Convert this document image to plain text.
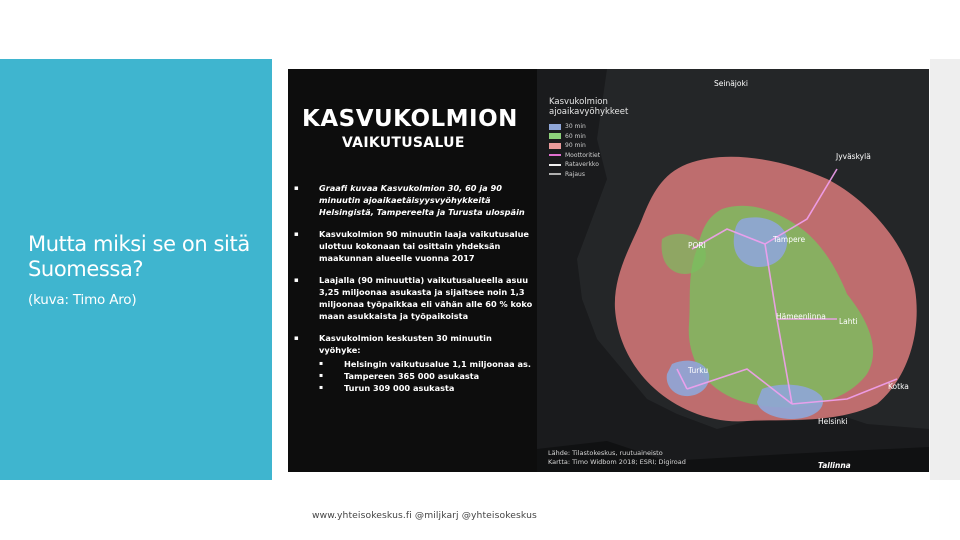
Mutta miksi se on sitä Suomessa?
(kuva: Timo Aro)
KASVUKOLMION
VAIKUTUSALUE
▪	Graafi kuvaa Kasvukolmion 30, 60 ja 90 minuutin ajoaikaetäisyysvyöhykkeitä Helsingistä, Tampereelta ja Turusta ulospäin
▪	Kasvukolmion 90 minuutin laaja vaikutusalue ulottuu kokonaan tai osittain yhdeksän maakunnan alueelle vuonna 2017
▪	Laajalla (90 minuuttia) vaikutusalueella asuu 3,25 miljoonaa asukasta ja sijaitsee noin 1,3 miljoonaa työpaikkaa eli vähän alle 60 % koko maan asukkaista ja työpaikoista
▪	Kasvukolmion keskusten 30 minuutin vyöhyke:
▪	Helsingin vaikutusalue 1,1 miljoonaa as.
▪	Tampereen 365 000 asukasta
▪	Turun 309 000 asukasta
Kasvukolmion ajoaikavyöhykkeet
30 min
60 min
90 min
Moottoritiet
Rataverkko
Rajaus
Seinäjoki
Jyväskylä
PORI
Tampere
Hämeenlinna
Lahti
Turku
Kotka
Helsinki
Tallinna
Lähde: Tilastokeskus, ruutuaineisto
Kartta: Timo Widbom 2018; ESRI; Digiroad
www.yhteisokeskus.fi @miljkarj @yhteisokeskus
